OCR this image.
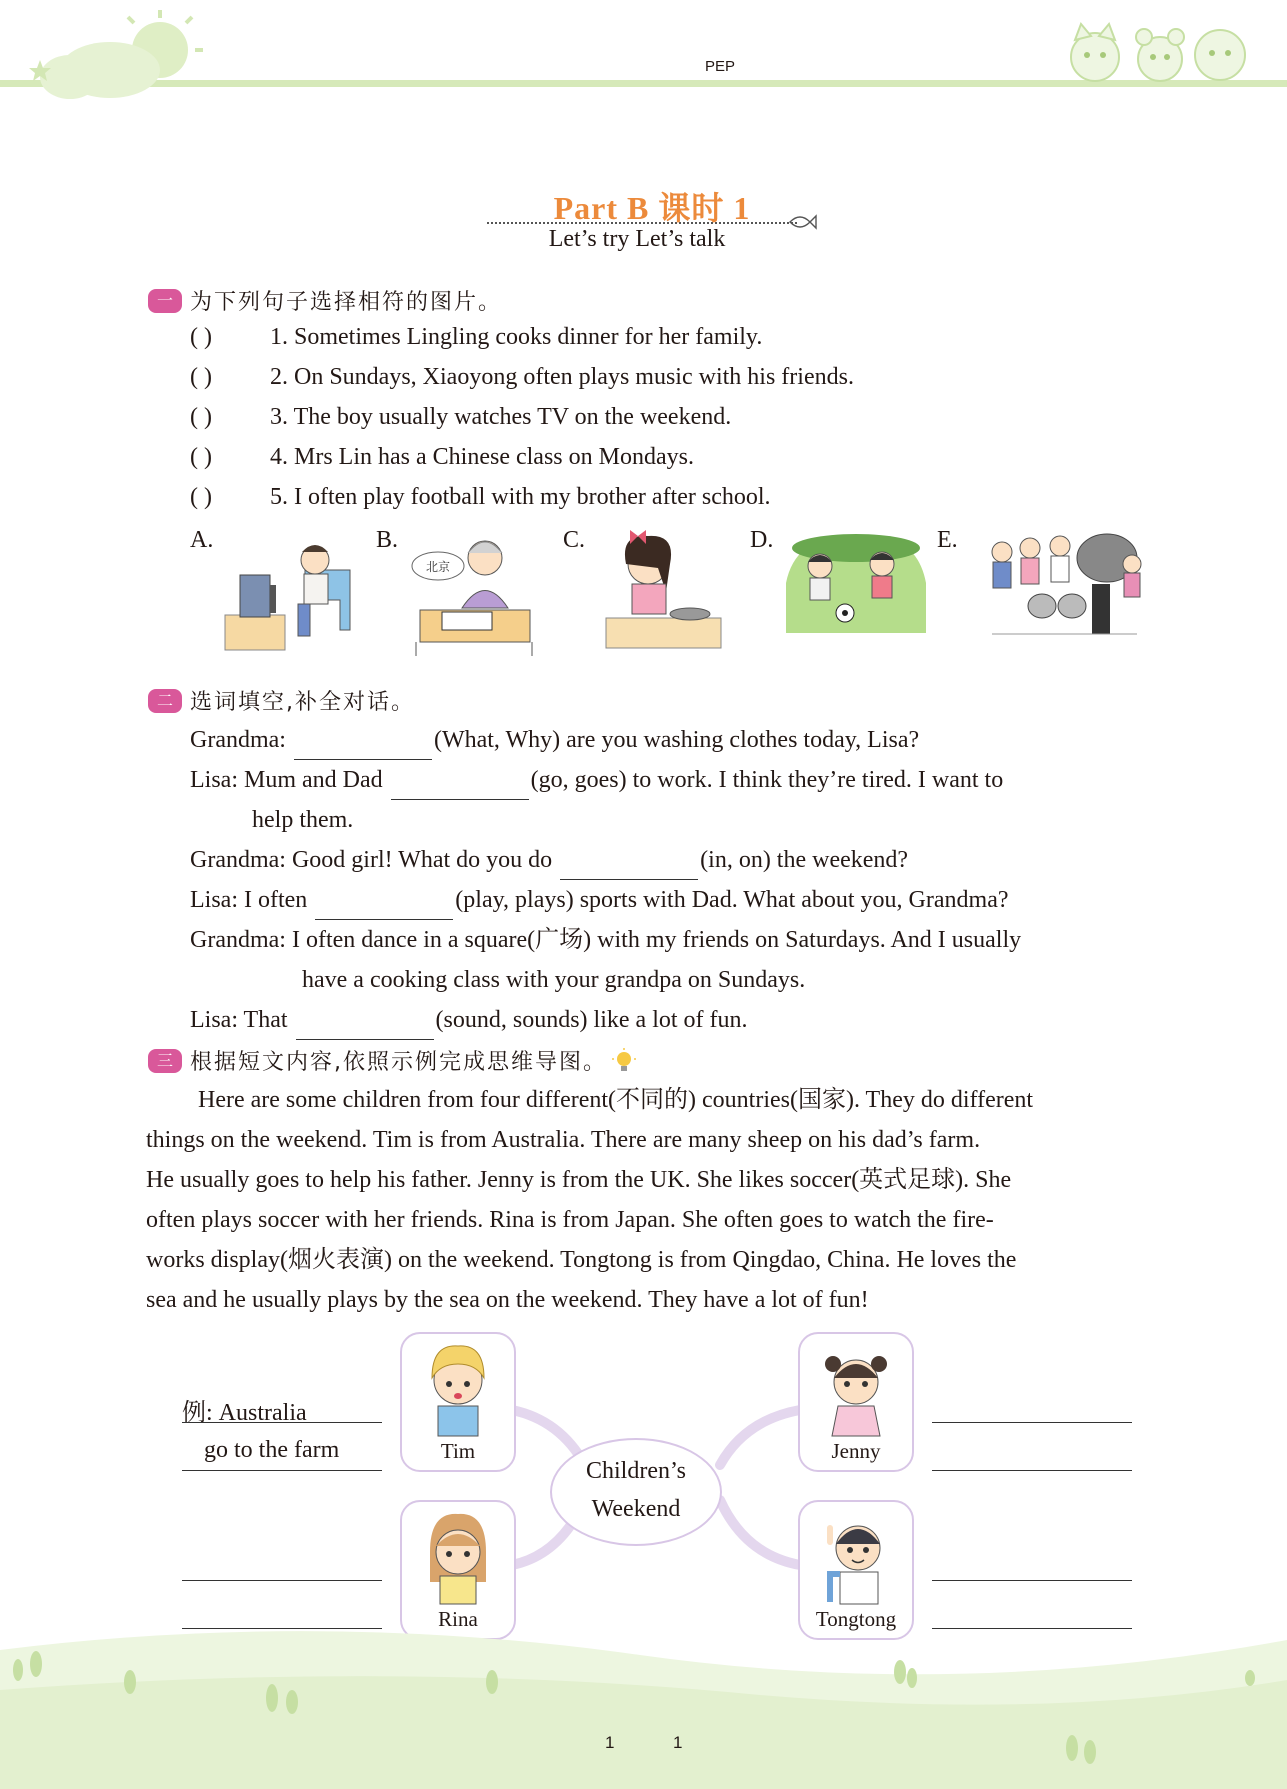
PEP
Part B 课时 1
Let’s try Let’s talk
一 为下列句子选择相符的图片。
( )	1. Sometimes Lingling cooks dinner for her family.
( )	2. On Sundays, Xiaoyong often plays music with his friends.
( )	3. The boy usually watches TV on the weekend.
( )	4. Mrs Lin has a Chinese class on Mondays.
( )	5. I often play football with my brother after school.
A.	B.	C.	D.	E.
北京
二 选词填空,补全对话。
Grandma:	(What, Why) are you washing clothes today, Lisa?
Lisa: Mum and Dad	(go, goes) to work. I think they’re tired. I want to
help them.
Grandma: Good girl! What do you do	(in, on) the weekend?
Lisa: I often	(play, plays) sports with Dad. What about you, Grandma?
Grandma: I often dance in a square(广场) with my friends on Saturdays. And I usually
have a cooking class with your grandpa on Sundays.
Lisa: That	(sound, sounds) like a lot of fun.
三 根据短文内容,依照示例完成思维导图。
Here are some children from four different(不同的) countries(国家). They do different
things on the weekend. Tim is from Australia. There are many sheep on his dad’s farm.
He usually goes to help his father. Jenny is from the UK. She likes soccer(英式足球). She
often plays soccer with her friends. Rina is from Japan. She often goes to watch the fire-
works display(烟火表演) on the weekend. Tongtong is from Qingdao, China. He loves the
sea and he usually plays by the sea on the weekend. They have a lot of fun!
Children’s
Weekend
Tim
Rina
Jenny
Tongtong
例: Australia
go to the farm
1	1
